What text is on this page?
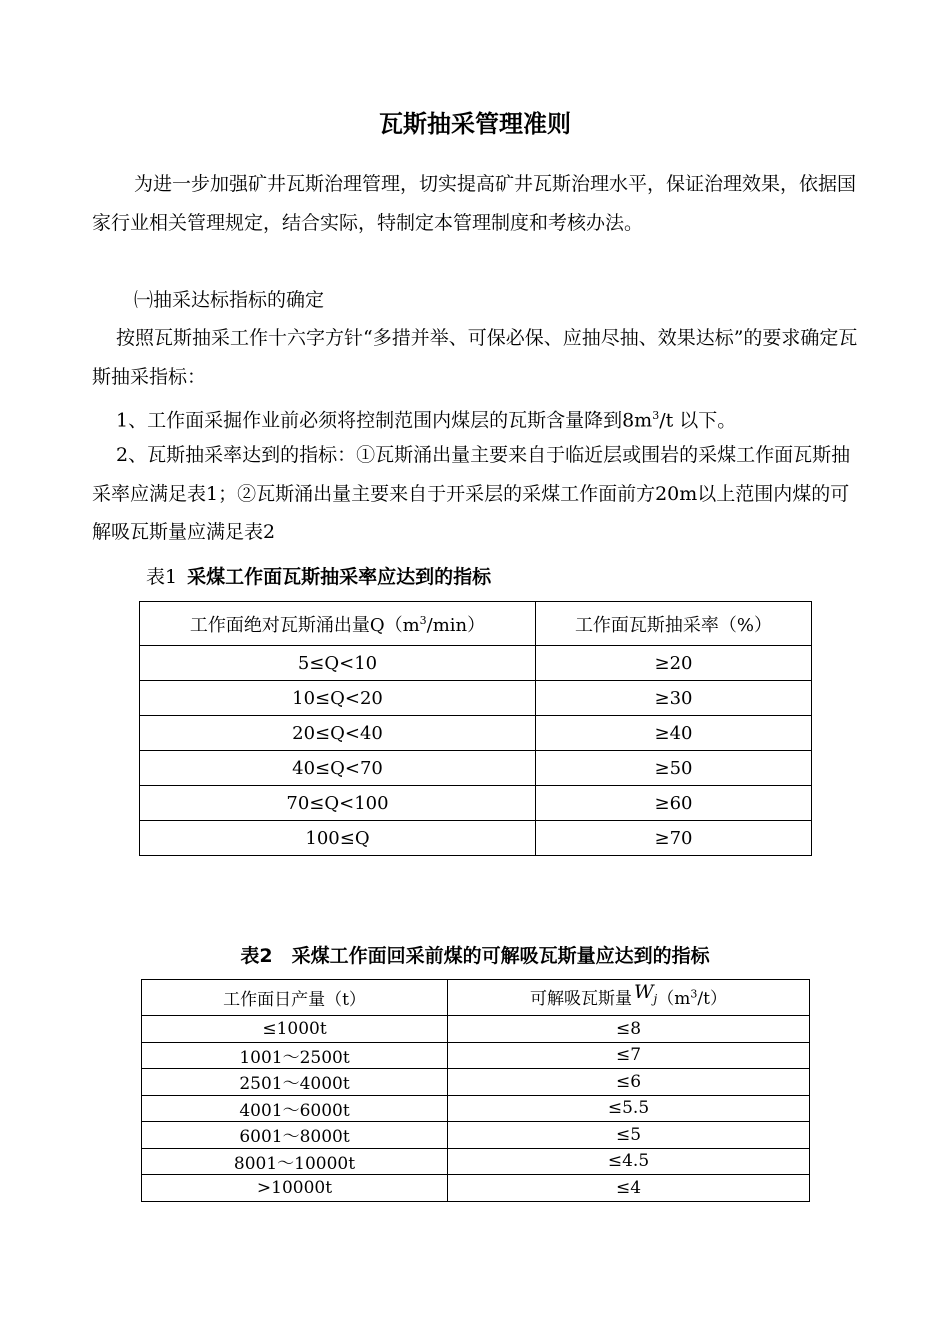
瓦斯抽采管理准则

为进一步加强矿井瓦斯治理管理，切实提高矿井瓦斯治理水平，保证治理效果，依据国家行业相关管理规定，结合实际，特制定本管理制度和考核办法。

㈠抽采达标指标的确定

按照瓦斯抽采工作十六字方针“多措并举、可保必保、应抽尽抽、效果达标”的要求确定瓦斯抽采指标：

1、工作面采掘作业前必须将控制范围内煤层的瓦斯含量降到$8m^3/t$ 以下。

2、瓦斯抽采率达到的指标：①瓦斯涌出量主要来自于临近层或围岩的采煤工作面瓦斯抽采率应满足表1；②瓦斯涌出量主要来自于开采层的采煤工作面前方20m以上范围内煤的可解吸瓦斯量应满足表2

表1 采煤工作面瓦斯抽采率应达到的指标
工作面绝对瓦斯涌出量$Q(m^3/\min)$	工作面瓦斯抽采率（%）
5≤Q<10	≥20
10≤Q<20	≥30
20≤Q<40	≥40
40≤Q<70	≥50
70≤Q<100	≥60
100≤Q	≥70
表2　采煤工作面回采前煤的可解吸瓦斯量应达到的指标
工作面日产量（t）	可解吸瓦斯量 $W_j(m^3/t)$
≤1000t	≤8
1001～2500t	≤7
2501～4000t	≤6
4001～6000t	≤5.5
6001～8000t	≤5
8001～10000t	≤4.5
>10000t	≤4
